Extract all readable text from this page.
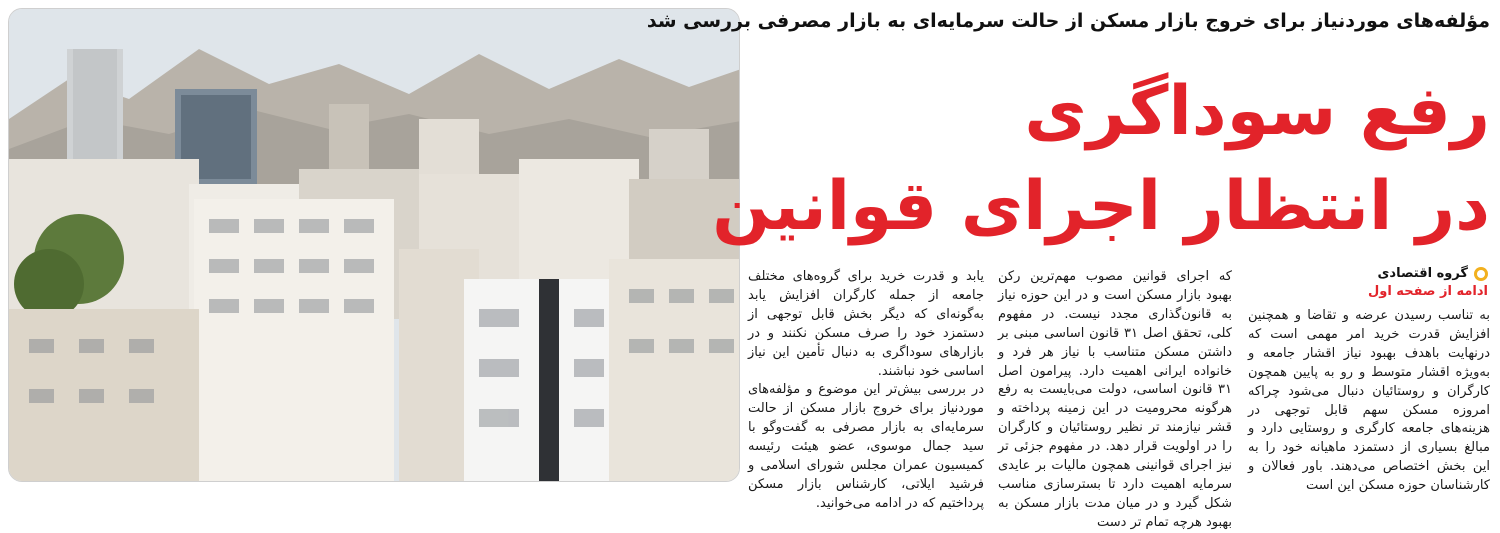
مؤلفه‌های موردنیاز برای خروج بازار مسکن از حالت سرمایه‌ای به بازار مصرفی بررسی شد
رفع سوداگری
در انتظار اجرای قوانین
گروه اقتصادی
ادامه از صفحه اول

به تناسب رسیدن عرضه و تقاضا و همچنین افزایش قدرت خرید امر مهمی است که درنهایت باهدف بهبود نیاز اقشار جامعه و به‌ویژه اقشار متوسط و رو به پایین همچون کارگران و روستائیان دنبال می‌شود چراکه امروزه مسکن سهم قابل توجهی در هزینه‌های جامعه کارگری و روستایی دارد و مبالغ بسیاری از دستمزد ماهیانه خود را به این بخش اختصاص می‌دهند. باور فعالان و کارشناسان حوزه مسکن این است

که اجرای قوانین مصوب مهم‌ترین رکن بهبود بازار مسکن است و در این حوزه نیاز به قانون‌گذاری مجدد نیست. در مفهوم کلی، تحقق اصل ۳۱ قانون اساسی مبنی بر داشتن مسکن متناسب با نیاز هر فرد و خانواده ایرانی اهمیت دارد. پیرامون اصل ۳۱ قانون اساسی، دولت می‌بایست به رفع هرگونه محرومیت در این زمینه پرداخته و قشر نیازمند تر نظیر روستائیان و کارگران را در اولویت قرار دهد. در مفهوم جزئی تر نیز اجرای قوانینی همچون مالیات بر عایدی سرمایه اهمیت دارد تا بسترسازی مناسب شکل گیرد و در میان مدت بازار مسکن به بهبود هرچه تمام تر دست

یابد و قدرت خرید برای گروه‌های مختلف جامعه از جمله کارگران افزایش یابد به‌گونه‌ای که دیگر بخش قابل توجهی از دستمزد خود را صرف مسکن نکنند و در بازارهای سوداگری به دنبال تأمین این نیاز اساسی خود نباشند.

در بررسی بیش‌تر این موضوع و مؤلفه‌های موردنیاز برای خروج بازار مسکن از حالت سرمایه‌ای به بازار مصرفی به گفت‌وگو با سید جمال موسوی، عضو هیئت رئیسه کمیسیون عمران مجلس شورای اسلامی و فرشید ایلاتی، کارشناس بازار مسکن پرداختیم که در ادامه می‌خوانید.
